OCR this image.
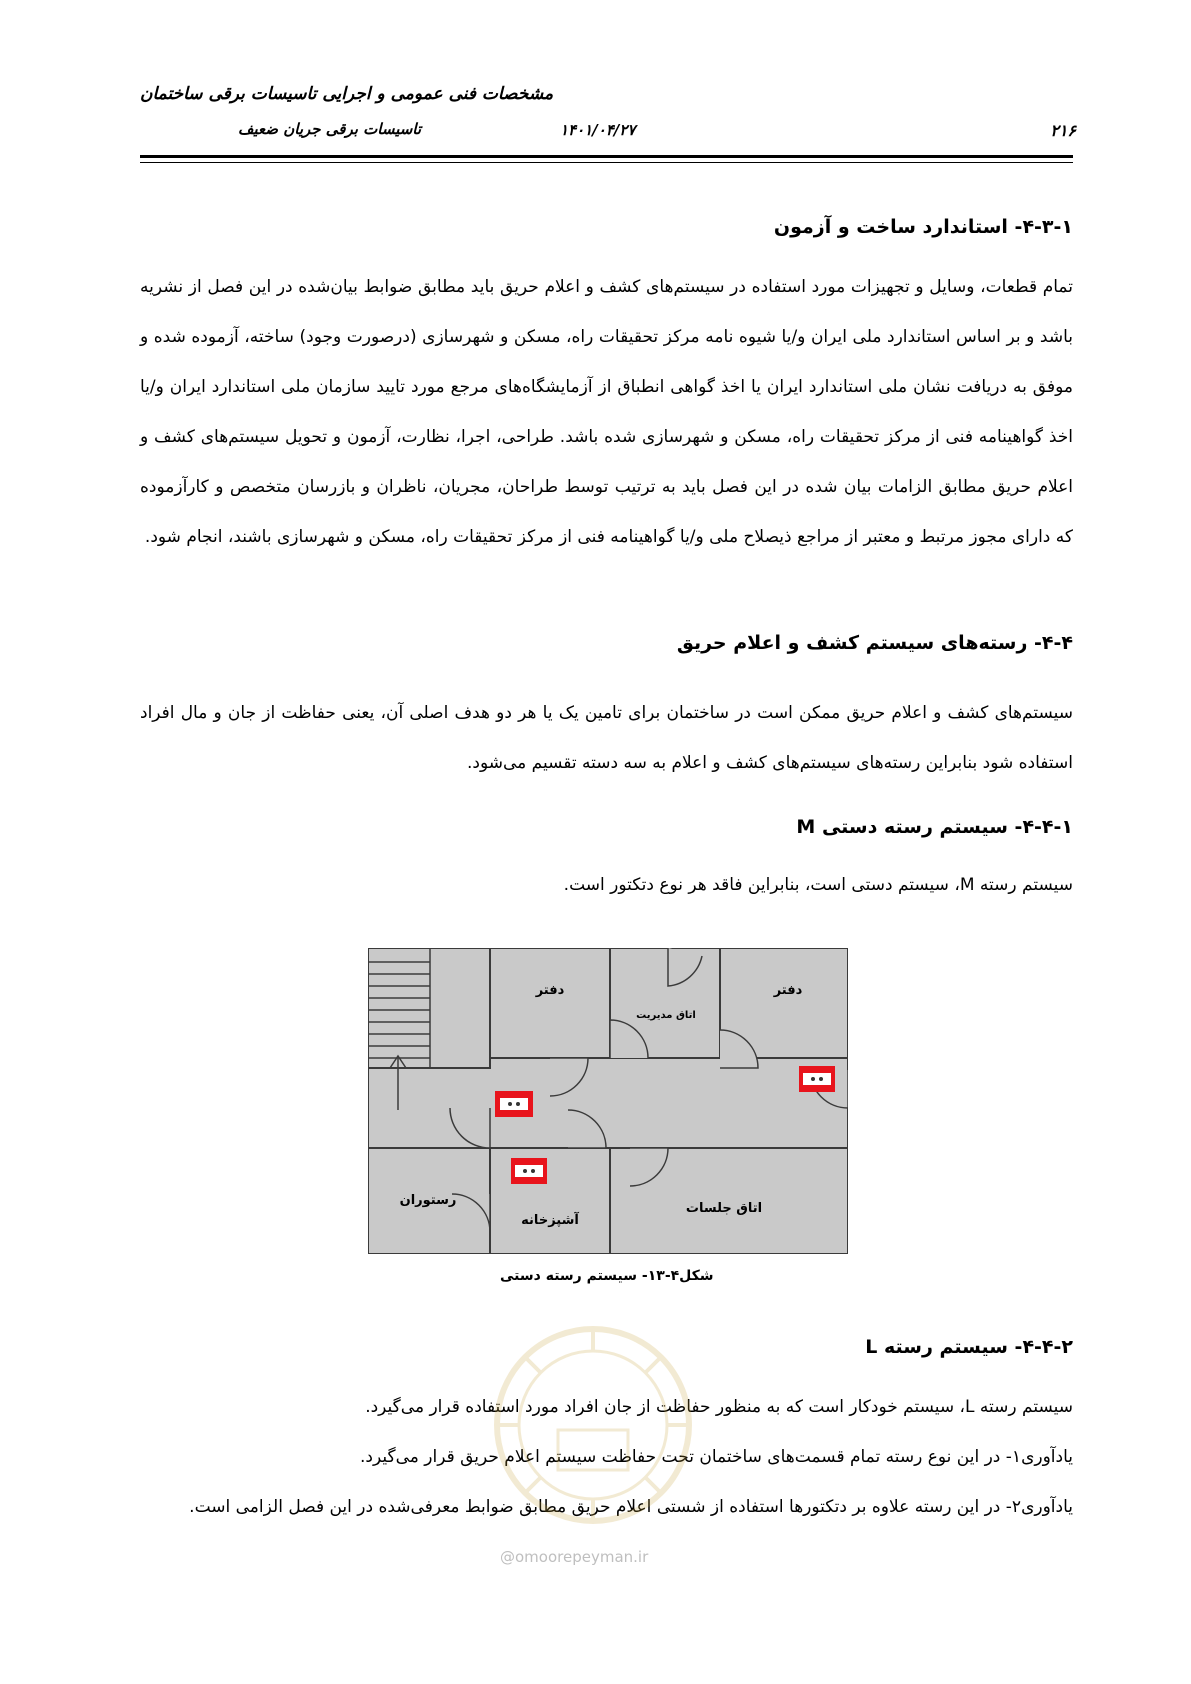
مشخصات فنی عمومی و اجرایی تاسیسات برقی ساختمان
تاسیسات برقی جریان ضعیف	۱۴۰۱/۰۴/۲۷	۲۱۶
۴-۳-۱- استاندارد ساخت و آزمون
تمام قطعات، وسایل و تجهیزات مورد استفاده در سیستم‌های کشف و اعلام حریق باید مطابق ضوابط بیان‌شده در این فصل از نشریه باشد و بر اساس استاندارد ملی ایران و/یا شیوه نامه مرکز تحقیقات راه، مسکن و شهرسازی (درصورت وجود) ساخته، آزموده شده و موفق به دریافت نشان ملی استاندارد ایران یا اخذ گواهی انطباق از آزمایشگاه‌های مرجع مورد تایید سازمان ملی استاندارد ایران و/یا اخذ گواهینامه فنی از مرکز تحقیقات راه، مسکن و شهرسازی شده باشد. طراحی، اجرا، نظارت، آزمون و تحویل سیستم‌های کشف و اعلام حریق مطابق الزامات بیان شده در این فصل باید به ترتیب توسط طراحان، مجریان، ناظران و بازرسان متخصص و کارآزموده که دارای مجوز مرتبط و معتبر از مراجع ذیصلاح ملی و/یا گواهینامه فنی از مرکز تحقیقات راه، مسکن و شهرسازی باشند، انجام شود.
۴-۴- رسته‌های سیستم کشف و اعلام حریق
سیستم‌های کشف و اعلام حریق ممکن است در ساختمان برای تامین یک یا هر دو هدف اصلی آن، یعنی حفاظت از جان و مال افراد استفاده شود بنابراین رسته‌های سیستم‌های کشف و اعلام به سه دسته تقسیم می‌شود.
۴-۴-۱- سیستم رسته دستی M
سیستم رسته M، سیستم دستی است، بنابراین فاقد هر نوع دتکتور است.
دفتر
اتاق مدیریت
دفتر
رستوران
آشپزخانه
اتاق جلسات
شکل۴-۱۳- سیستم رسته دستی
۴-۴-۲- سیستم رسته L
سیستم رسته L، سیستم خودکار است که به منظور حفاظت از جان افراد مورد استفاده قرار می‌گیرد.
یادآوری۱- در این نوع رسته تمام قسمت‌های ساختمان تحت حفاظت سیستم اعلام حریق قرار می‌گیرد.
یادآوری۲- در این رسته علاوه بر دتکتورها استفاده از شستی اعلام حریق مطابق ضوابط معرفی‌شده در این فصل الزامی است.
@omoorepeyman.ir
